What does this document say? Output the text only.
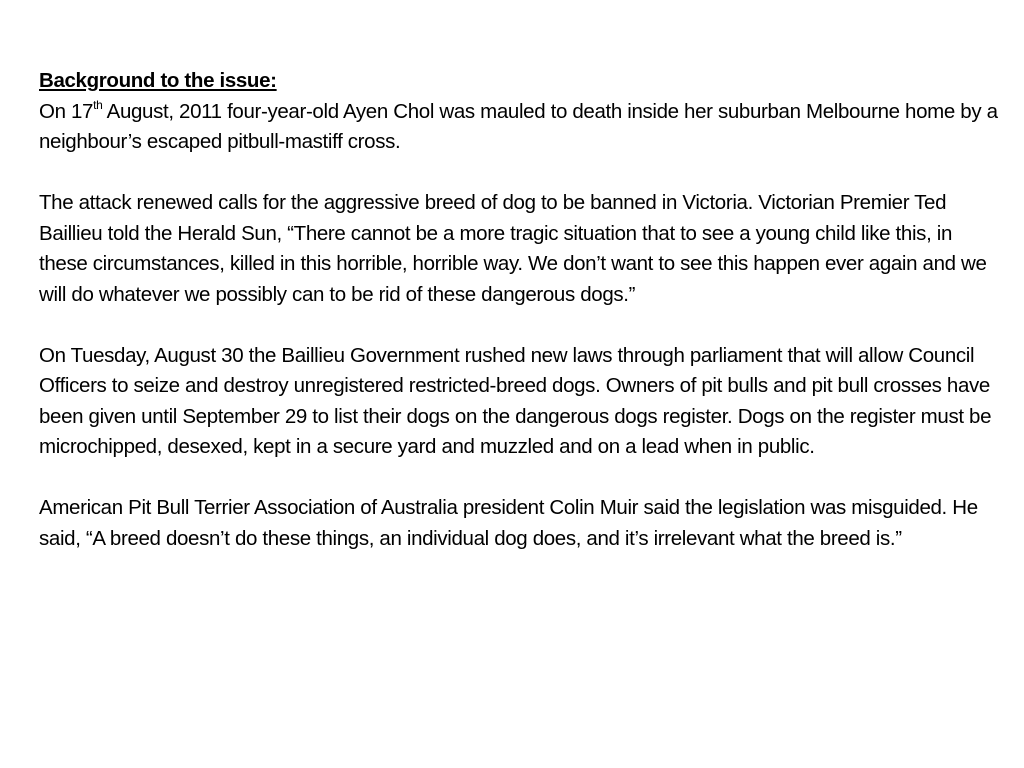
Background to the issue:

On 17th August, 2011 four-year-old Ayen Chol was mauled to death inside her suburban Melbourne home by a neighbour’s escaped pitbull-mastiff cross.

The attack renewed calls for the aggressive breed of dog to be banned in Victoria. Victorian Premier Ted Baillieu told the Herald Sun, “There cannot be a more tragic situation that to see a young child like this, in these circumstances, killed in this horrible, horrible way. We don’t want to see this happen ever again and we will do whatever we possibly can to be rid of these dangerous dogs.”

On Tuesday, August 30 the Baillieu Government rushed new laws through parliament that will allow Council Officers to seize and destroy unregistered restricted-breed dogs. Owners of pit bulls and pit bull crosses have been given until September 29 to list their dogs on the dangerous dogs register. Dogs on the register must be microchipped, desexed, kept in a secure yard and muzzled and on a lead when in public.

American Pit Bull Terrier Association of Australia president Colin Muir said the legislation was misguided. He said, “A breed doesn’t do these things, an individual dog does, and it’s irrelevant what the breed is.”
